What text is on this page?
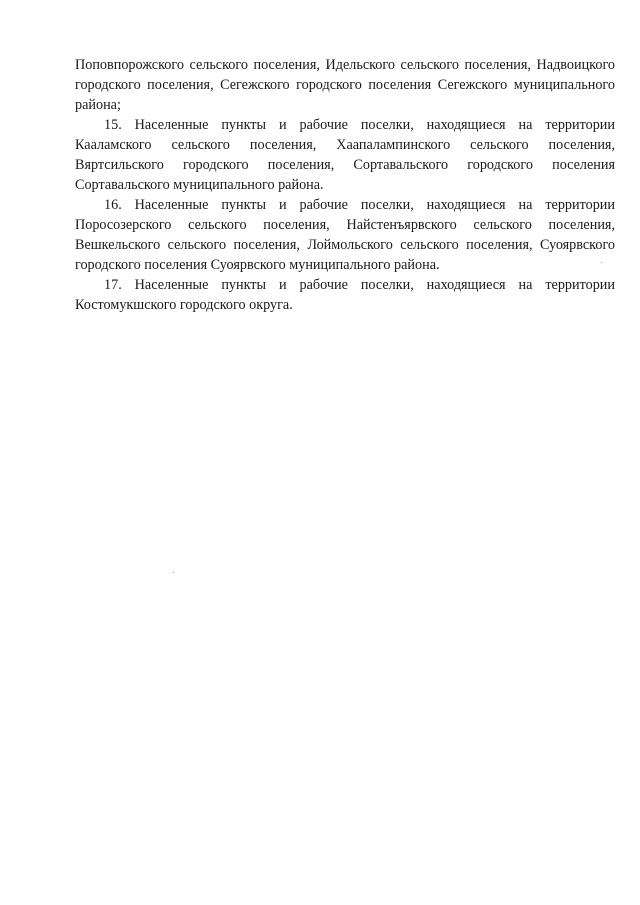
Поповпорожского сельского поселения, Идельского сельского поселения, Надвоицкого городского поселения, Сегежского городского поселения Сегежского муниципального района;

15. Населенные пункты и рабочие поселки, находящиеся на территории Кааламского сельского поселения, Хаапалампинского сельского поселения, Вяртсильского городского поселения, Сортавальского городского поселения Сортавальского муниципального района.

16. Населенные пункты и рабочие поселки, находящиеся на территории Поросозерского сельского поселения, Найстенъярвского сельского поселения, Вешкельского сельского поселения, Лоймольского сельского поселения, Суоярвского городского поселения Суоярвского муниципального района.

17. Населенные пункты и рабочие поселки, находящиеся на территории Костомукшского городского округа.
